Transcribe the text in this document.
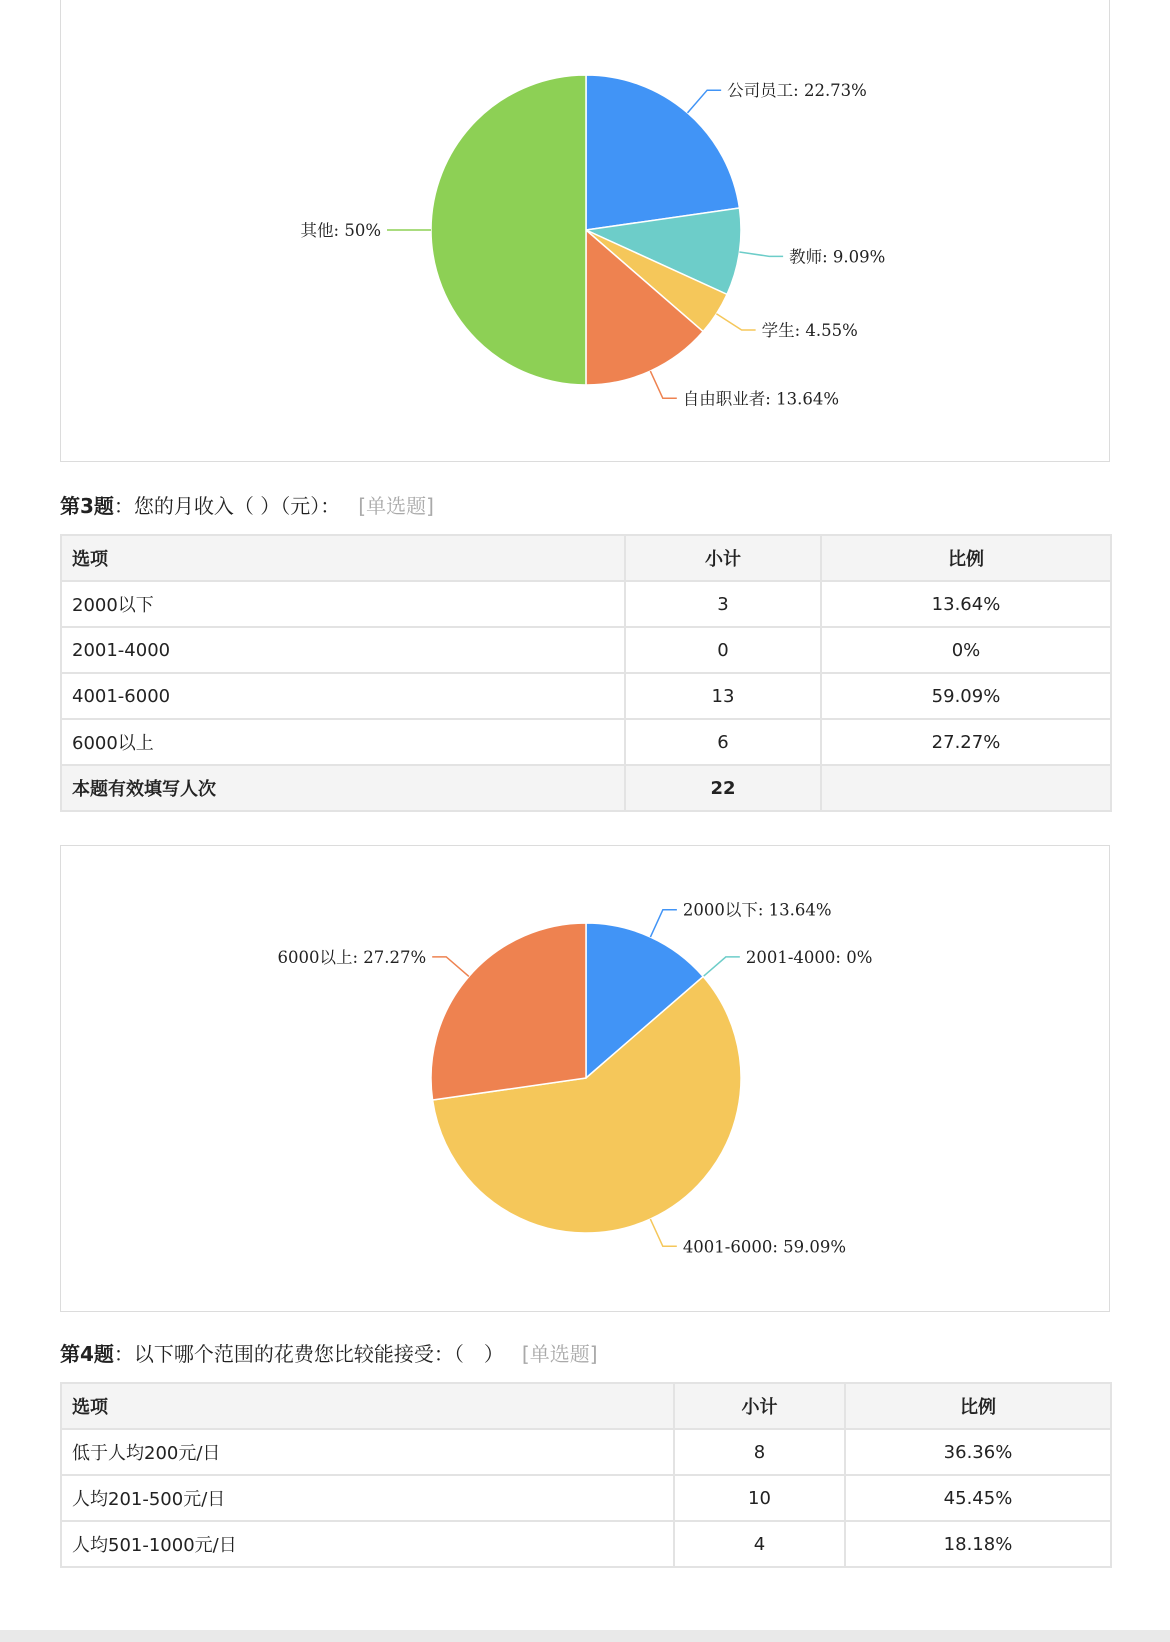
公司员工: 22.73%
教师: 9.09%
学生: 4.55%
自由职业者: 13.64%
其他: 50%
第3题：您的月收入（ ）（元）： [单选题]
选项	小计	比例
2000以下	3	13.64%
2001-4000	0	0%
4001-6000	13	59.09%
6000以上	6	27.27%
本题有效填写人次	22	
2000以下: 13.64%
2001-4000: 0%
4001-6000: 59.09%
6000以上: 27.27%
第4题：以下哪个范围的花费您比较能接受：（　） [单选题]
选项	小计	比例
低于人均200元/日	8	36.36%
人均201-500元/日	10	45.45%
人均501-1000元/日	4	18.18%
